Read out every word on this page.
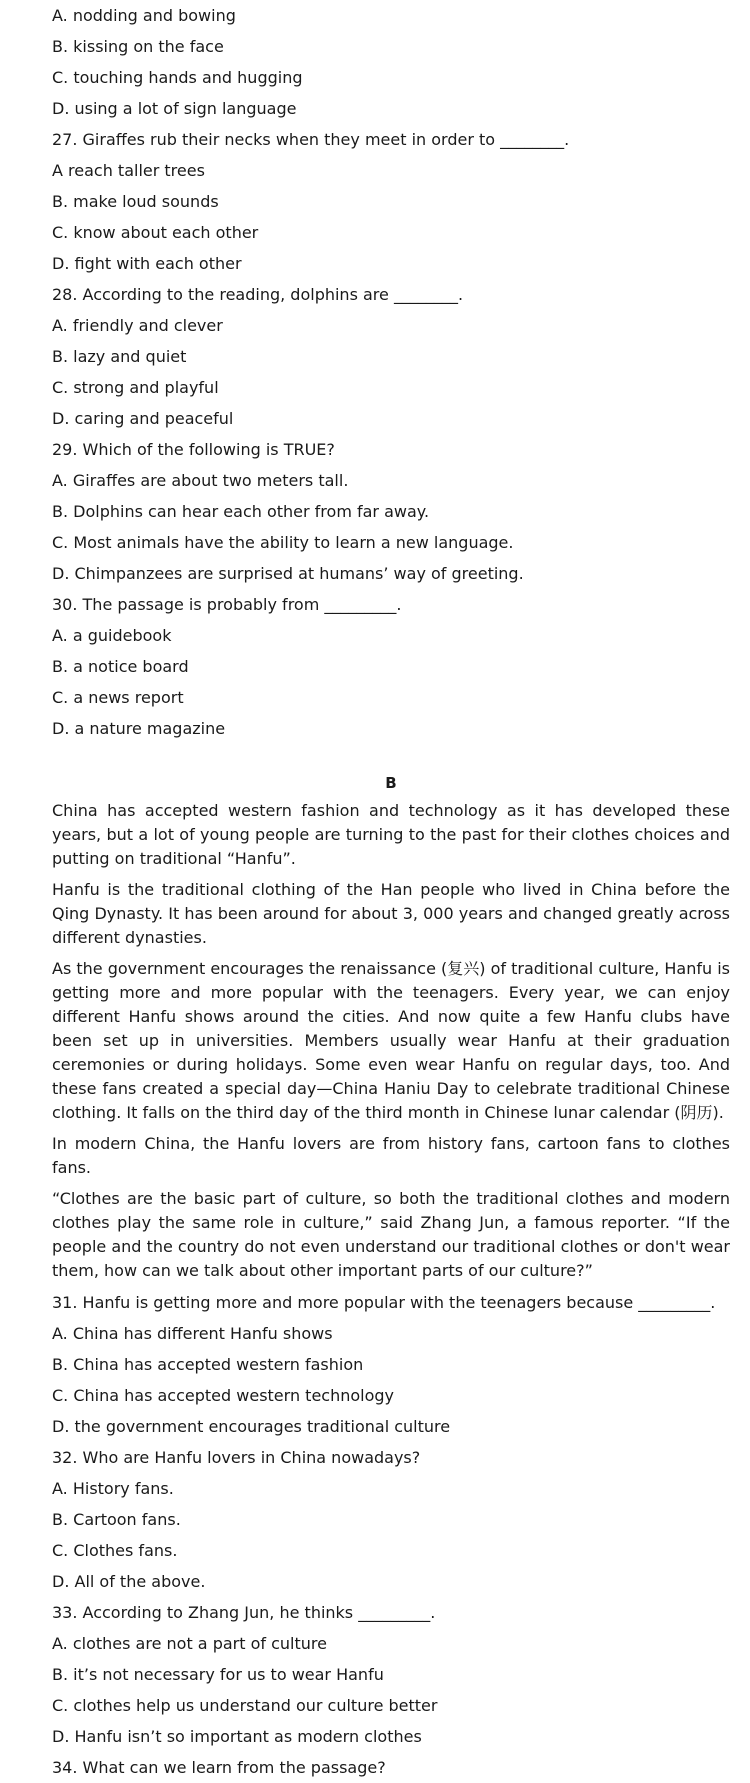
A. nodding and bowing
B. kissing on the face
C. touching hands and hugging
D. using a lot of sign language
27. Giraffes rub their necks when they meet in order to ________.
A reach taller trees
B. make loud sounds
C. know about each other
D. fight with each other
28. According to the reading, dolphins are ________.
A. friendly and clever
B. lazy and quiet
C. strong and playful
D. caring and peaceful
29. Which of the following is TRUE?
A. Giraffes are about two meters tall.
B. Dolphins can hear each other from far away.
C. Most animals have the ability to learn a new language.
D. Chimpanzees are surprised at humans’ way of greeting.
30. The passage is probably from _________.
A. a guidebook
B. a notice board
C. a news report
D. a nature magazine
B

China has accepted western fashion and technology as it has developed these years, but a lot of young people are turning to the past for their clothes choices and putting on traditional “Hanfu”.

Hanfu is the traditional clothing of the Han people who lived in China before the Qing Dynasty. It has been around for about 3, 000 years and changed greatly across different dynasties.

As the government encourages the renaissance (复兴) of traditional culture, Hanfu is getting more and more popular with the teenagers. Every year, we can enjoy different Hanfu shows around the cities. And now quite a few Hanfu clubs have been set up in universities. Members usually wear Hanfu at their graduation ceremonies or during holidays. Some even wear Hanfu on regular days, too. And these fans created a special day—China Haniu Day to celebrate traditional Chinese clothing. It falls on the third day of the third month in Chinese lunar calendar (阴历).

In modern China, the Hanfu lovers are from history fans, cartoon fans to clothes fans.

“Clothes are the basic part of culture, so both the traditional clothes and modern clothes play the same role in culture,” said Zhang Jun, a famous reporter. “If the people and the country do not even understand our traditional clothes or don't wear them, how can we talk about other important parts of our culture?”

31. Hanfu is getting more and more popular with the teenagers because _________.
A. China has different Hanfu shows
B. China has accepted western fashion
C. China has accepted western technology
D. the government encourages traditional culture
32. Who are Hanfu lovers in China nowadays?
A. History fans.
B. Cartoon fans.
C. Clothes fans.
D. All of the above.
33. According to Zhang Jun, he thinks _________.
A. clothes are not a part of culture
B. it’s not necessary for us to wear Hanfu
C. clothes help us understand our culture better
D. Hanfu isn’t so important as modern clothes
34. What can we learn from the passage?
